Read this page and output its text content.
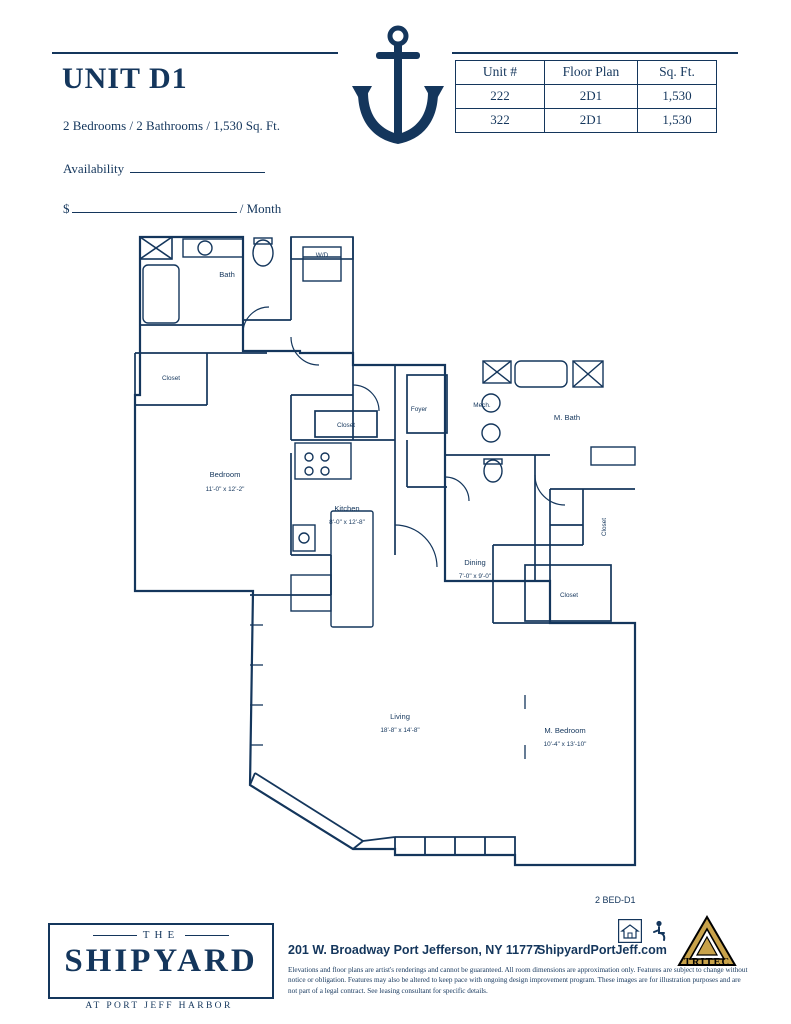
UNIT D1
2 Bedrooms / 2 Bathrooms / 1,530 Sq. Ft.
Availability
$	/ Month
Unit #	Floor Plan	Sq. Ft.
222	2D1	1,530
322	2D1	1,530
Bath
W/D
Closet
Closet
Foyer
Mech.
M. Bath
Bedroom
11'-0" x 12'-2"
Kitchen
8'-0" x 12'-8"
Dining
7'-0" x 9'-0"
Living
18'-8" x 14'-8"	M. Bedroom
10'-4" x 13'-10"
Closet
Closet
2 BED-D1
THE
SHIPYARD
AT PORT JEFF HARBOR
201 W. Broadway Port Jefferson, NY 11777
ShipyardPortJeff.com
Elevations and floor plans are artist's renderings and cannot be guaranteed. All room dimensions are approximation only. Features are subject to change without notice or obligation. Features may also be altered to keep pace with ongoing design improvement program. These images are for illustration purposes and are not part of a legal contract. See leasing consultant for specific details.
TRITEC
